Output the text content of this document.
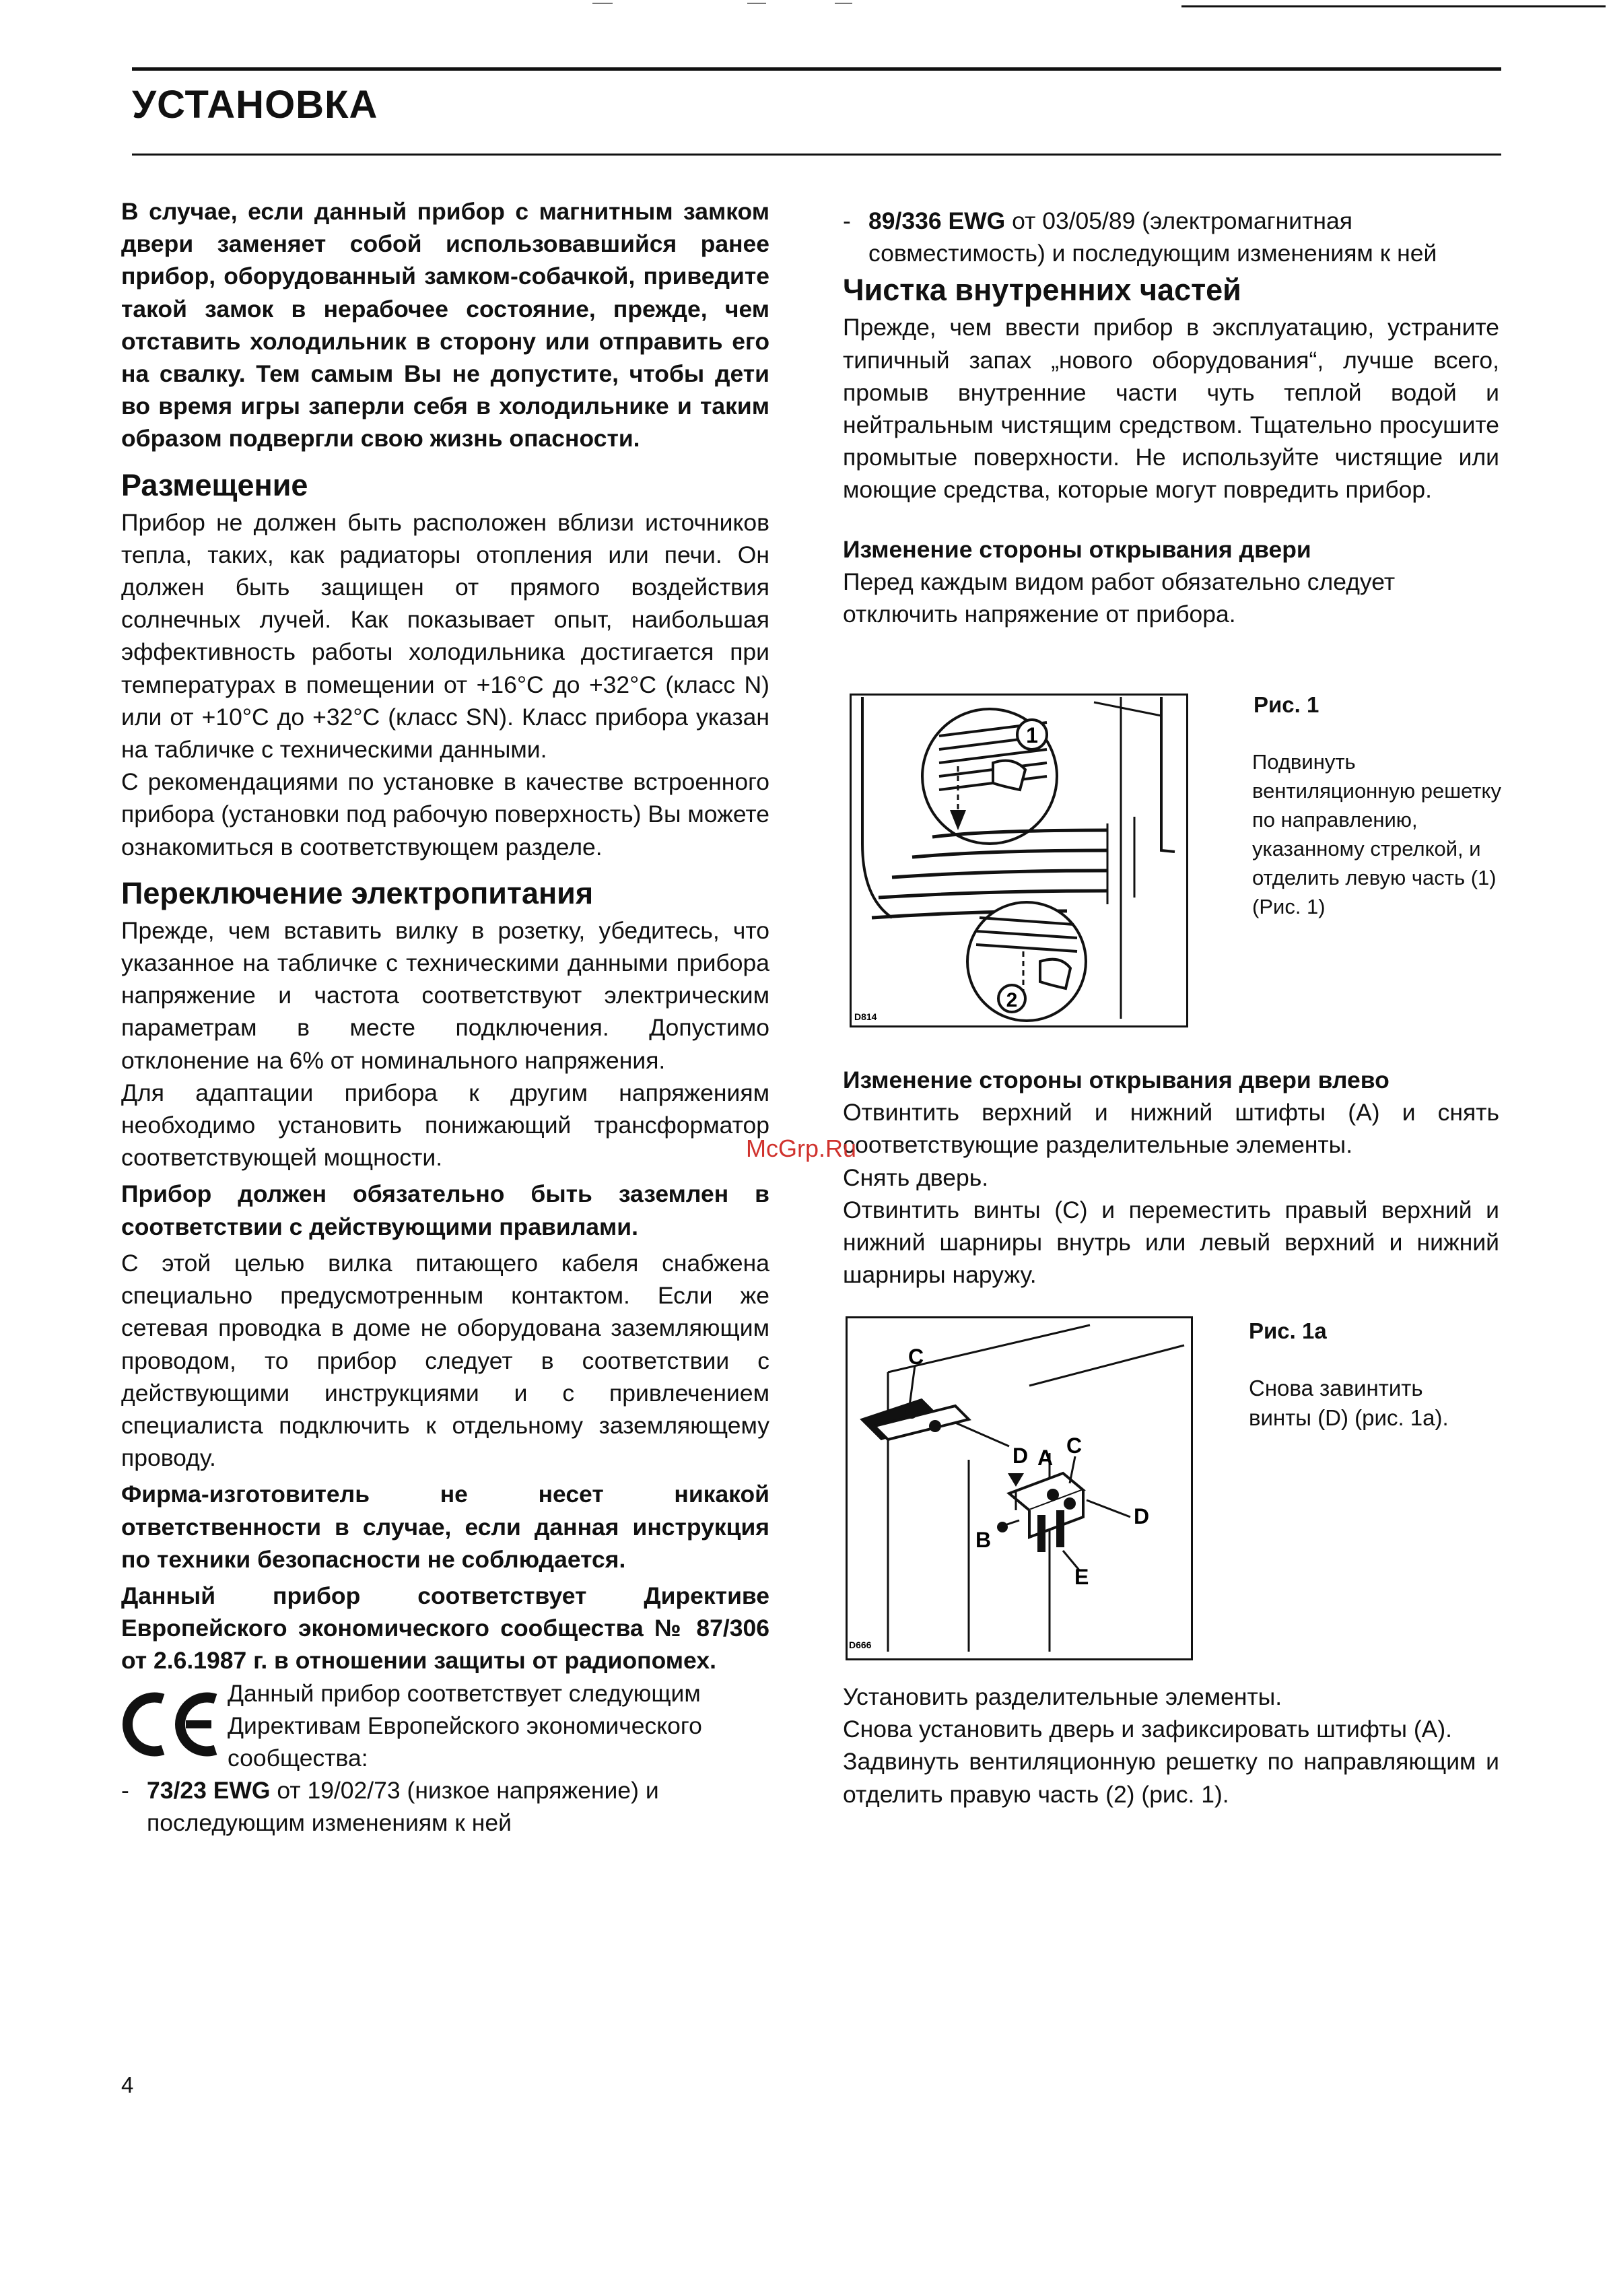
УСТАНОВКА

В случае, если данный прибор с магнитным замком двери заменяет собой использовавшийся ранее прибор, оборудованный замком-собачкой, приведите такой замок в нерабочее состояние, прежде, чем отставить холодильник в сторону или отправить его на свалку. Тем самым Вы не допустите, чтобы дети во время игры заперли себя в холодильнике и таким образом подвергли свою жизнь опасности.

Размещение

Прибор не должен быть расположен вблизи источников тепла, таких, как радиаторы отопления или печи. Он должен быть защищен от прямого воздействия солнечных лучей. Как показывает опыт, наибольшая эффективность работы холодильника достигается при температурах в помещении от +16°C до +32°C (класс N) или от +10°C до +32°C (класс SN). Класс прибора указан на табличке с техническими данными.

С рекомендациями по установке в качестве встроенного прибора (установки под рабочую поверхность) Вы можете ознакомиться в соответствующем разделе.

Переключение электропитания

Прежде, чем вставить вилку в розетку, убедитесь, что указанное на табличке с техническими данными прибора напряжение и частота соответствуют электрическим параметрам в месте подключения. Допустимо отклонение на 6% от номинального напряжения.

Для адаптации прибора к другим напряжениям необходимо установить понижающий трансформатор соответствующей мощности.

Прибор должен обязательно быть заземлен в соответствии с действующими правилами.

С этой целью вилка питающего кабеля снабжена специально предусмотренным контактом. Если же сетевая проводка в доме не оборудована заземляющим проводом, то прибор следует в соответствии с действующими инструкциями и с привлечением специалиста подключить к отдельному заземляющему проводу.

Фирма-изготовитель не несет никакой ответственности в случае, если данная инструкция по техники безопасности не соблюдается.

Данный прибор соответствует Директиве Европейского экономического сообщества № 87/306 от 2.6.1987 г. в отношении защиты от радиопомех.

Данный прибор соответствует следующим Директивам Европейского экономического сообщества:

- 73/23 EWG от 19/02/73 (низкое напряжение) и последующим изменениям к ней

- 89/336 EWG от 03/05/89 (электромагнитная совместимость) и последующим изменениям к ней

Чистка внутренних частей

Прежде, чем ввести прибор в эксплуатацию, устраните типичный запах „нового оборудования“, лучше всего, промыв внутренние части чуть теплой водой и нейтральным чистящим средством. Тщательно просушите промытые поверхности. Не используйте чистящие или моющие средства, которые могут повредить прибор.

Изменение стороны открывания двери

Перед каждым видом работ обязательно следует отключить напряжение от прибора.

1
2
D814
Рис. 1
Подвинуть вентиляционную решетку по направлению, указанному стрелкой, и отделить левую часть (1) (Рис. 1)

Изменение стороны открывания двери влево

Отвинтить верхний и нижний штифты (A) и снять соответствующие разделительные элементы.

Снять дверь.

Отвинтить винты (C) и переместить правый верхний и нижний шарниры внутрь или левый верхний и нижний шарниры наружу.

C
D A C
D
B
E
D666
Рис. 1a
Снова завинтить винты (D) (рис. 1a).

Установить разделительные элементы.

Снова установить дверь и зафиксировать штифты (A).

Задвинуть вентиляционную решетку по направляющим и отделить правую часть (2) (рис. 1).

McGrp.Ru
4
